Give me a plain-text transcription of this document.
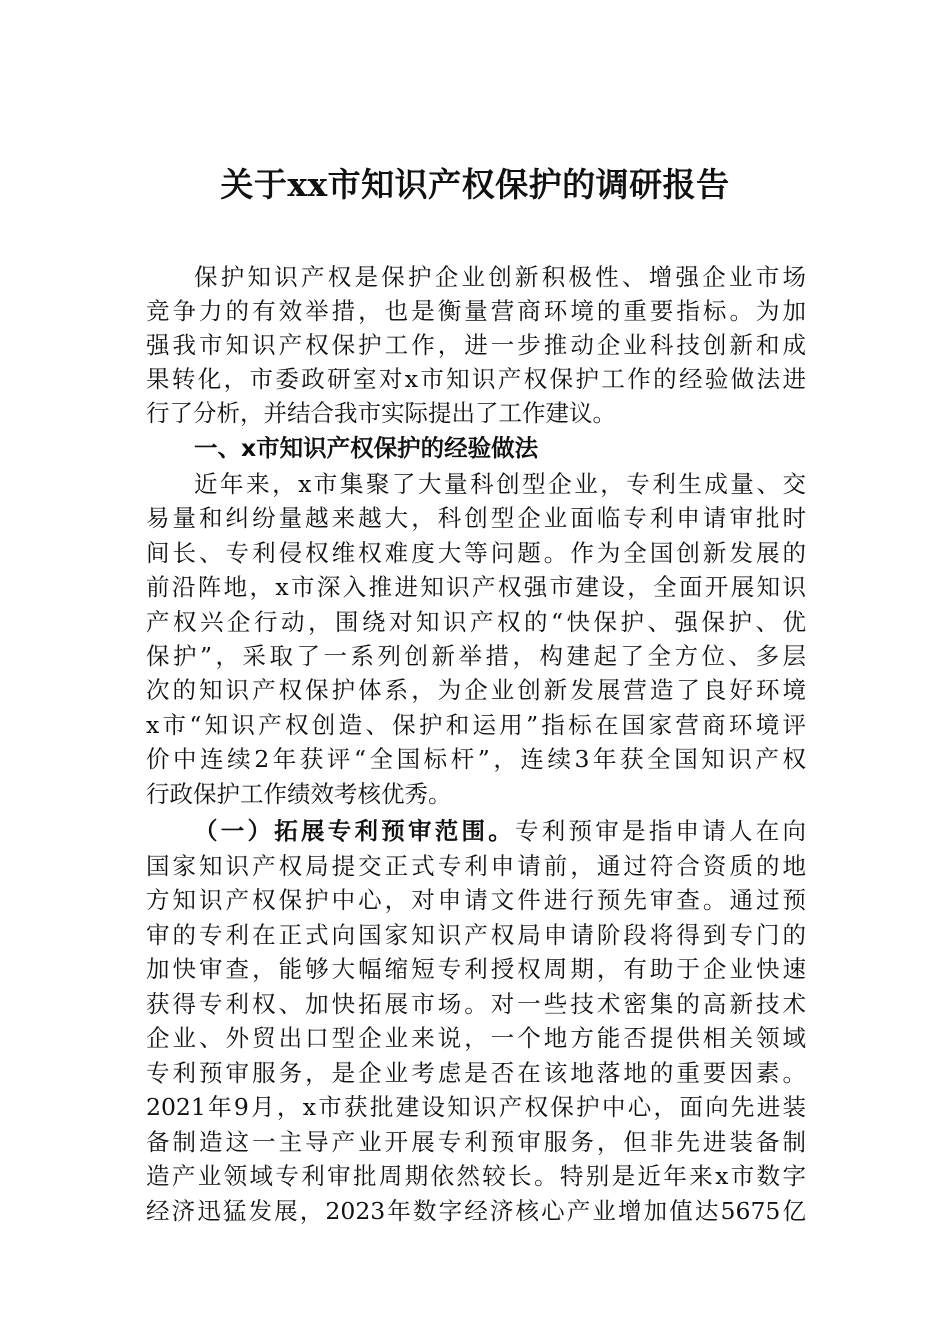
关于xx市知识产权保护的调研报告
保护知识产权是保护企业创新积极性、增强企业市场
竞争力的有效举措，也是衡量营商环境的重要指标。为加
强我市知识产权保护工作，进一步推动企业科技创新和成
果转化，市委政研室对x市知识产权保护工作的经验做法进
行了分析，并结合我市实际提出了工作建议。
一、x市知识产权保护的经验做法
近年来，x市集聚了大量科创型企业，专利生成量、交
易量和纠纷量越来越大，科创型企业面临专利申请审批时
间长、专利侵权维权难度大等问题。作为全国创新发展的
前沿阵地，x市深入推进知识产权强市建设，全面开展知识
产权兴企行动，围绕对知识产权的“快保护、强保护、优
保护”，采取了一系列创新举措，构建起了全方位、多层
次的知识产权保护体系，为企业创新发展营造了良好环境
x市“知识产权创造、保护和运用”指标在国家营商环境评
价中连续2年获评“全国标杆”，连续3年获全国知识产权
行政保护工作绩效考核优秀。
（一）拓展专利预审范围。专利预审是指申请人在向
国家知识产权局提交正式专利申请前，通过符合资质的地
方知识产权保护中心，对申请文件进行预先审查。通过预
审的专利在正式向国家知识产权局申请阶段将得到专门的
加快审查，能够大幅缩短专利授权周期，有助于企业快速
获得专利权、加快拓展市场。对一些技术密集的高新技术
企业、外贸出口型企业来说，一个地方能否提供相关领域
专利预审服务，是企业考虑是否在该地落地的重要因素。
2021年9月，x市获批建设知识产权保护中心，面向先进装
备制造这一主导产业开展专利预审服务，但非先进装备制
造产业领域专利审批周期依然较长。特别是近年来x市数字
经济迅猛发展，2023年数字经济核心产业增加值达5675亿
